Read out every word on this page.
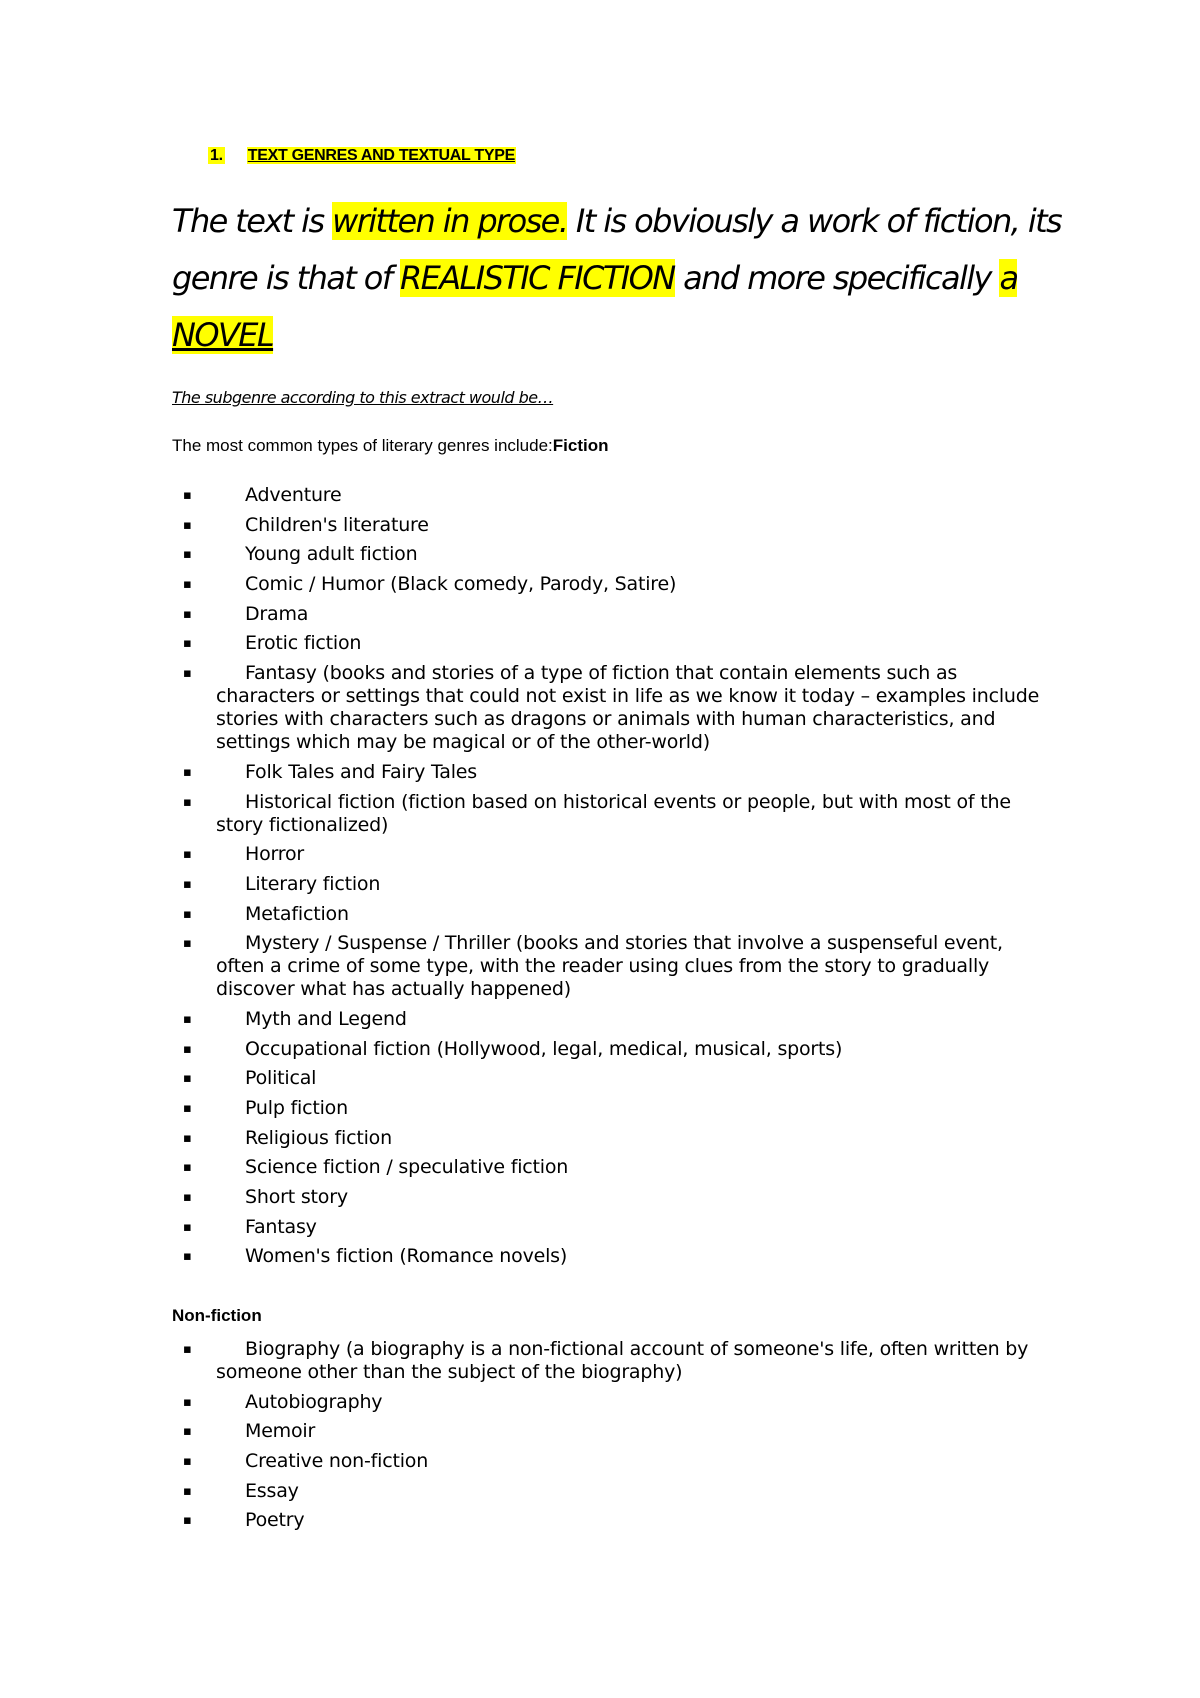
1. TEXT GENRES AND TEXTUAL TYPE
The text is written in prose. It is obviously a work of fiction, its genre is that of REALISTIC FICTION and more specifically a NOVEL
The subgenre according to this extract would be…
The most common types of literary genres include:Fiction
▪	Adventure
▪	Children's literature
▪	Young adult fiction
▪	Comic / Humor (Black comedy, Parody, Satire)
▪	Drama
▪	Erotic fiction
▪	Fantasy (books and stories of a type of fiction that contain elements such as characters or settings that could not exist in life as we know it today – examples include stories with characters such as dragons or animals with human characteristics, and settings which may be magical or of the other-world)
▪	Folk Tales and Fairy Tales
▪	Historical fiction (fiction based on historical events or people, but with most of the story fictionalized)
▪	Horror
▪	Literary fiction
▪	Metafiction
▪	Mystery / Suspense / Thriller (books and stories that involve a suspenseful event, often a crime of some type, with the reader using clues from the story to gradually discover what has actually happened)
▪	Myth and Legend
▪	Occupational fiction (Hollywood, legal, medical, musical, sports)
▪	Political
▪	Pulp fiction
▪	Religious fiction
▪	Science fiction / speculative fiction
▪	Short story
▪	Fantasy
▪	Women's fiction (Romance novels)
Non-fiction
▪	Biography (a biography is a non-fictional account of someone's life, often written by someone other than the subject of the biography)
▪	Autobiography
▪	Memoir
▪	Creative non-fiction
▪	Essay
▪	Poetry
